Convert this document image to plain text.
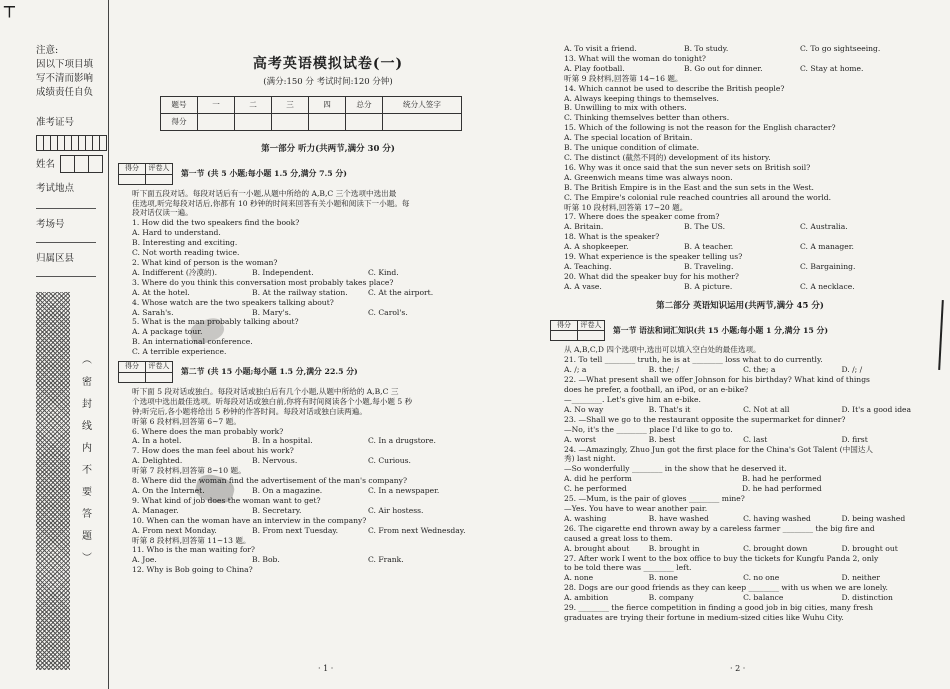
┬

注意:

因以下项目填

写不清而影响

成绩责任自负

准考证号
姓名
考试地点
考场号
归属区县
︵
密
封
线
内
不
要
答
题
︶
高考英语模拟试卷(一)
(满分:150 分 考试时间:120 分钟)
题号	一	二	三	四	总分	统分人签字
得分						
第一部分 听力(共两节,满分 30 分)
得分	评卷人

第一节 (共 5 小题;每小题 1.5 分,满分 7.5 分)
听下面五段对话。每段对话后有一小题,从题中所给的 A,B,C 三个选项中选出最
佳选项,听完每段对话后,你都有 10 秒钟的时间来回答有关小题和阅读下一小题。每
段对话仅读一遍。
1. How did the two speakers find the book?
A. Hard to understand.
B. Interesting and exciting.
C. Not worth reading twice.
2. What kind of person is the woman?
A. Indifferent (冷漠的).	B. Independent.	C. Kind.
3. Where do you think this conversation most probably takes place?
A. At the hotel.	B. At the railway station.	C. At the airport.
4. Whose watch are the two speakers talking about?
A. Sarah's.	B. Mary's.	C. Carol's.
5. What is the man probably talking about?
A. A package tour.
B. An international conference.
C. A terrible experience.
得分	评卷人

第二节 (共 15 小题;每小题 1.5 分,满分 22.5 分)
听下面 5 段对话或独白。每段对话或独白后有几个小题,从题中所给的 A,B,C 三
个选项中选出最佳选项。听每段对话或独白前,你将有时间阅读各个小题,每小题 5 秒
钟;听完后,各小题将给出 5 秒钟的作答时间。每段对话或独白读两遍。
听第 6 段材料,回答第 6~7 题。
6. Where does the man probably work?
A. In a hotel.	B. In a hospital.	C. In a drugstore.
7. How does the man feel about his work?
A. Delighted.	B. Nervous.	C. Curious.
听第 7 段材料,回答第 8~10 题。
8. Where did the woman find the advertisement of the man's company?
A. On the Internet.	B. On a magazine.	C. In a newspaper.
9. What kind of job does the woman want to get?
A. Manager.	B. Secretary.	C. Air hostess.
10. When can the woman have an interview in the company?
A. From next Monday.	B. From next Tuesday.	C. From next Wednesday.
听第 8 段材料,回答第 11~13 题。
11. Who is the man waiting for?
A. Joe.	B. Bob.	C. Frank.
12. Why is Bob going to China?
· 1 ·
A. To visit a friend.	B. To study.	C. To go sightseeing.
13. What will the woman do tonight?
A. Play football.	B. Go out for dinner.	C. Stay at home.
听第 9 段材料,回答第 14~16 题。
14. Which cannot be used to describe the British people?
A. Always keeping things to themselves.
B. Unwilling to mix with others.
C. Thinking themselves better than others.
15. Which of the following is not the reason for the English character?
A. The special location of Britain.
B. The unique condition of climate.
C. The distinct (截然不同的) development of its history.
16. Why was it once said that the sun never sets on British soil?
A. Greenwich means time was always noon.
B. The British Empire is in the East and the sun sets in the West.
C. The Empire's colonial rule reached countries all around the world.
听第 10 段材料,回答第 17~20 题。
17. Where does the speaker come from?
A. Britain.	B. The US.	C. Australia.
18. What is the speaker?
A. A shopkeeper.	B. A teacher.	C. A manager.
19. What experience is the speaker telling us?
A. Teaching.	B. Traveling.	C. Bargaining.
20. What did the speaker buy for his mother?
A. A vase.	B. A picture.	C. A necklace.
第二部分 英语知识运用(共两节,满分 45 分)
得分	评卷人

第一节 语法和词汇知识(共 15 小题;每小题 1 分,满分 15 分)
从 A,B,C,D 四个选项中,选出可以填入空白处的最佳选项。
21. To tell ________ truth, he is at ________ loss what to do currently.
A. /; a	B. the; /	C. the; a	D. /; /
22. —What present shall we offer Johnson for his birthday? What kind of things
does he prefer, a football, an iPod, or an e-bike?
—________. Let's give him an e-bike.
A. No way	B. That's it	C. Not at all	D. It's a good idea
23. —Shall we go to the restaurant opposite the supermarket for dinner?
—No, it's the ________ place I'd like to go to.
A. worst	B. best	C. last	D. first
24. —Amazingly, Zhuo Jun got the first place for the China's Got Talent (中国达人
秀) last night.
—So wonderfully ________ in the show that he deserved it.
A. did he perform	B. had he performed
C. he performed	D. he had performed
25. —Mum, is the pair of gloves ________ mine?
—Yes. You have to wear another pair.
A. washing	B. have washed	C. having washed	D. being washed
26. The cigarette end thrown away by a careless farmer ________ the big fire and
caused a great loss to them.
A. brought about	B. brought in	C. brought down	D. brought out
27. After work I went to the box office to buy the tickets for Kungfu Panda 2, only
to be told there was ________ left.
A. none	B. none	C. no one	D. neither
28. Dogs are our good friends as they can keep ________ with us when we are lonely.
A. ambition	B. company	C. balance	D. distinction
29. ________ the fierce competition in finding a good job in big cities, many fresh
graduates are trying their fortune in medium-sized cities like Wuhu City.
· 2 ·
